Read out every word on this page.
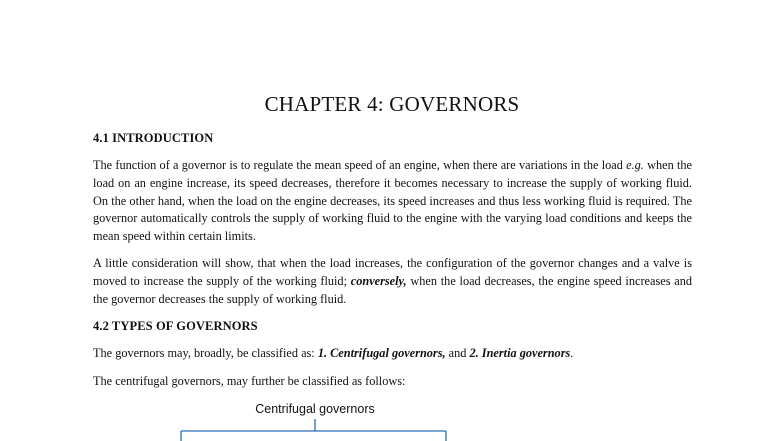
CHAPTER 4: GOVERNORS
4.1 INTRODUCTION

The function of a governor is to regulate the mean speed of an engine, when there are variations in the load e.g. when the load on an engine increase, its speed decreases, therefore it becomes necessary to increase the supply of working fluid. On the other hand, when the load on the engine decreases, its speed increases and thus less working fluid is required. The governor automatically controls the supply of working fluid to the engine with the varying load conditions and keeps the mean speed within certain limits.

A little consideration will show, that when the load increases, the configuration of the governor changes and a valve is moved to increase the supply of the working fluid; conversely, when the load decreases, the engine speed increases and the governor decreases the supply of working fluid.

4.2 TYPES OF GOVERNORS

The governors may, broadly, be classified as: 1. Centrifugal governors, and 2. Inertia governors.

The centrifugal governors, may further be classified as follows:

Centrifugal governors
